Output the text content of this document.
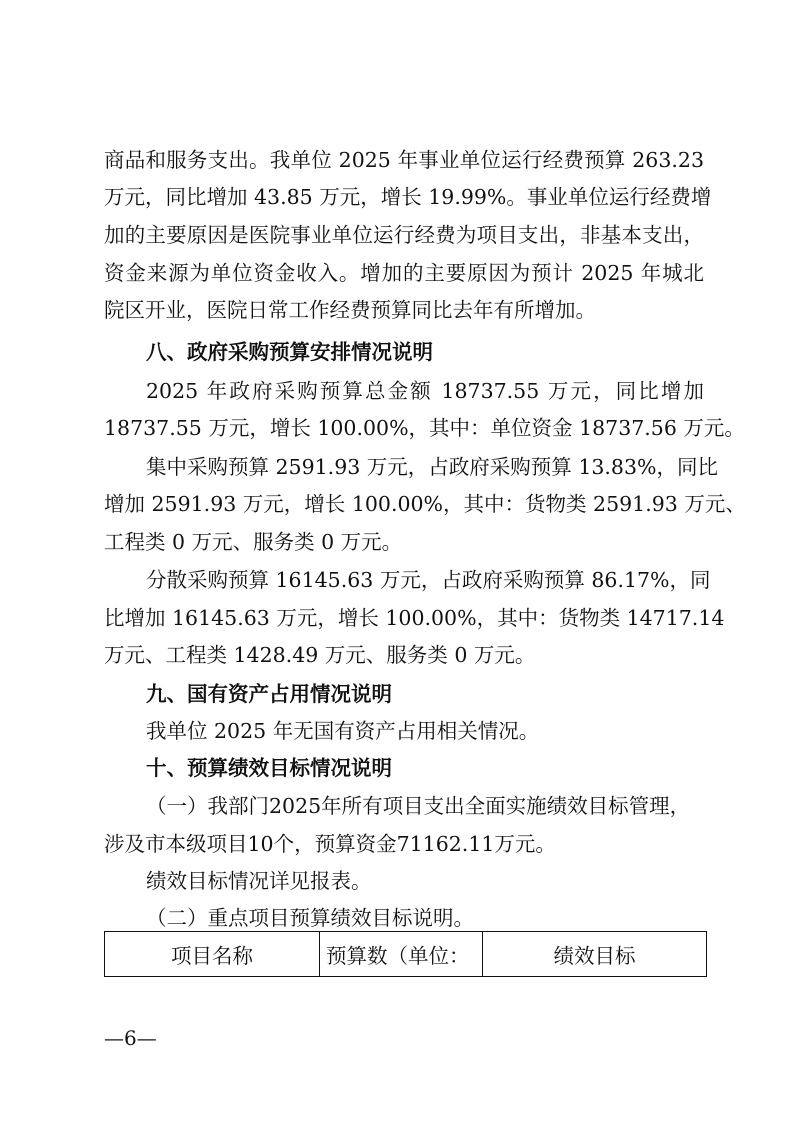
商品和服务支出。我单位 2025 年事业单位运行经费预算 263.23
万元，同比增加 43.85 万元，增长 19.99%。事业单位运行经费增
加的主要原因是医院事业单位运行经费为项目支出，非基本支出，
资金来源为单位资金收入。增加的主要原因为预计 2025 年城北
院区开业，医院日常工作经费预算同比去年有所增加。
八、政府采购预算安排情况说明
2025 年政府采购预算总金额 18737.55 万元，同比增加
18737.55 万元，增长 100.00%，其中：单位资金 18737.56 万元。
集中采购预算 2591.93 万元，占政府采购预算 13.83%，同比
增加 2591.93 万元，增长 100.00%，其中：货物类 2591.93 万元、
工程类 0 万元、服务类 0 万元。
分散采购预算 16145.63 万元，占政府采购预算 86.17%，同
比增加 16145.63 万元，增长 100.00%，其中：货物类 14717.14
万元、工程类 1428.49 万元、服务类 0 万元。
九、国有资产占用情况说明
我单位 2025 年无国有资产占用相关情况。
十、预算绩效目标情况说明
（一）我部门2025年所有项目支出全面实施绩效目标管理，
涉及市本级项目10个，预算资金71162.11万元。
绩效目标情况详见报表。
（二）重点项目预算绩效目标说明。
项目名称	预算数（单位：	绩效目标
—6—
